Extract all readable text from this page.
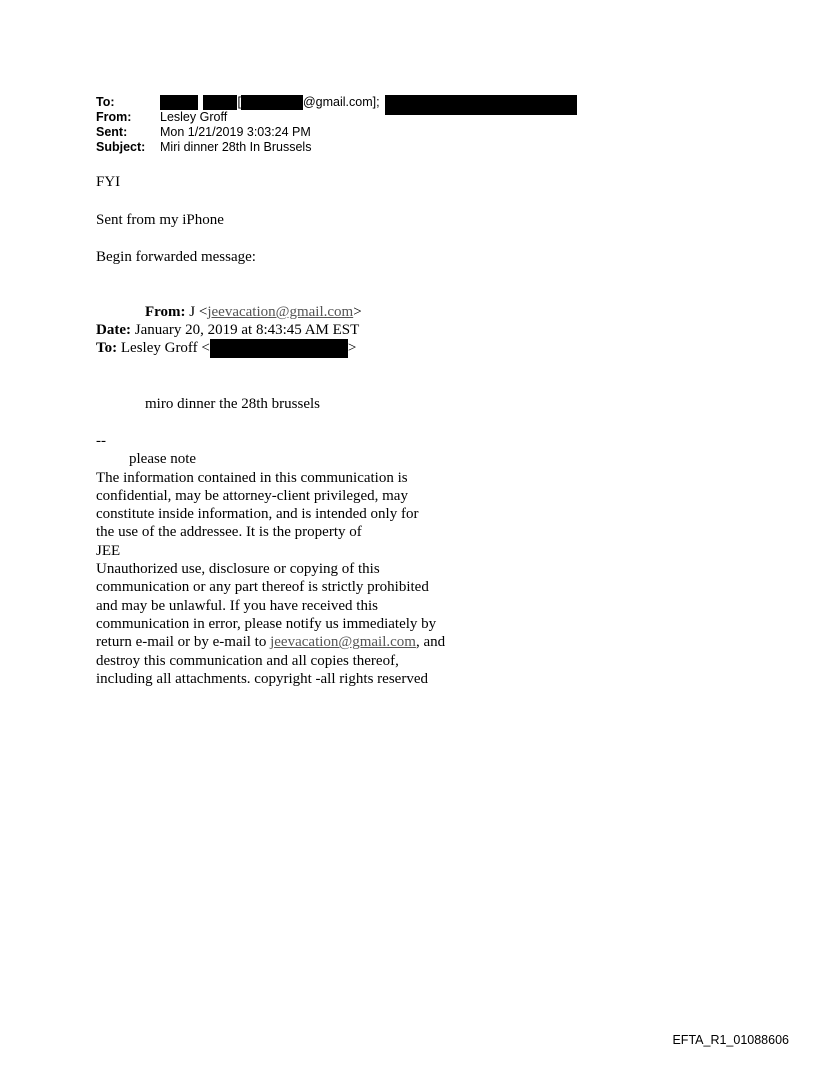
To:	[	@gmail.com];
From: Lesley Groff
Sent:	Mon 1/21/2019 3:03:24 PM
Subject: Miri dinner 28th In Brussels
FYI
Sent from my iPhone
Begin forwarded message:
From: J <jeevacation@gmail.com>
Date: January 20, 2019 at 8:43:45 AM EST
To: Lesley Groff <	>
miro dinner the 28th brussels
--
please note
The information contained in this communication is
confidential, may be attorney-client privileged, may
constitute inside information, and is intended only for
the use of the addressee. It is the property of
JEE
Unauthorized use, disclosure or copying of this
communication or any part thereof is strictly prohibited
and may be unlawful. If you have received this
communication in error, please notify us immediately by
return e-mail or by e-mail to jeevacation@gmail.com, and
destroy this communication and all copies thereof,
including all attachments. copyright -all rights reserved
EFTA_R1_01088606
